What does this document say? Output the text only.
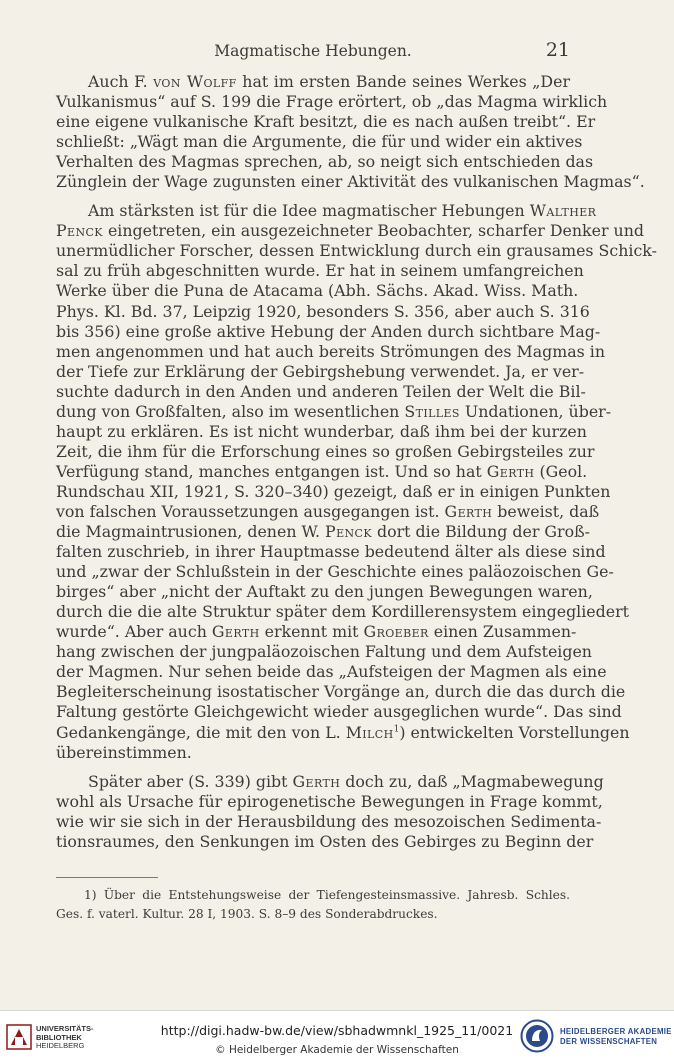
Magmatische Hebungen.	21
Auch F. von Wolff hat im ersten Bande seines Werkes „Der
Vulkanismus“ auf S. 199 die Frage erörtert, ob „das Magma wirklich
eine eigene vulkanische Kraft besitzt, die es nach außen treibt“. Er
schließt: „Wägt man die Argumente, die für und wider ein aktives
Verhalten des Magmas sprechen, ab, so neigt sich entschieden das
Zünglein der Wage zugunsten einer Aktivität des vulkanischen Magmas“.
Am stärksten ist für die Idee magmatischer Hebungen Walther
Penck eingetreten, ein ausgezeichneter Beobachter, scharfer Denker und
unermüdlicher Forscher, dessen Entwicklung durch ein grausames Schick-
sal zu früh abgeschnitten wurde. Er hat in seinem umfangreichen
Werke über die Puna de Atacama (Abh. Sächs. Akad. Wiss. Math.
Phys. Kl. Bd. 37, Leipzig 1920, besonders S. 356, aber auch S. 316
bis 356) eine große aktive Hebung der Anden durch sichtbare Mag-
men angenommen und hat auch bereits Strömungen des Magmas in
der Tiefe zur Erklärung der Gebirgshebung verwendet. Ja, er ver-
suchte dadurch in den Anden und anderen Teilen der Welt die Bil-
dung von Großfalten, also im wesentlichen Stilles Undationen, über-
haupt zu erklären. Es ist nicht wunderbar, daß ihm bei der kurzen
Zeit, die ihm für die Erforschung eines so großen Gebirgsteiles zur
Verfügung stand, manches entgangen ist. Und so hat Gerth (Geol.
Rundschau XII, 1921, S. 320–340) gezeigt, daß er in einigen Punkten
von falschen Voraussetzungen ausgegangen ist. Gerth beweist, daß
die Magmaintrusionen, denen W. Penck dort die Bildung der Groß-
falten zuschrieb, in ihrer Hauptmasse bedeutend älter als diese sind
und „zwar der Schlußstein in der Geschichte eines paläozoischen Ge-
birges“ aber „nicht der Auftakt zu den jungen Bewegungen waren,
durch die die alte Struktur später dem Kordillerensystem eingegliedert
wurde“. Aber auch Gerth erkennt mit Groeber einen Zusammen-
hang zwischen der jungpaläozoischen Faltung und dem Aufsteigen
der Magmen. Nur sehen beide das „Aufsteigen der Magmen als eine
Begleiterscheinung isostatischer Vorgänge an, durch die das durch die
Faltung gestörte Gleichgewicht wieder ausgeglichen wurde“. Das sind
Gedankengänge, die mit den von L. Milch$^1$) entwickelten Vorstellungen
übereinstimmen.
Später aber (S. 339) gibt Gerth doch zu, daß „Magmabewegung
wohl als Ursache für epirogenetische Bewegungen in Frage kommt,
wie wir sie sich in der Herausbildung des mesozoischen Sedimenta-
tionsraumes, den Senkungen im Osten des Gebirges zu Beginn der
1) Über die Entstehungsweise der Tiefengesteinsmassive. Jahresb. Schles.
Ges. f. vaterl. Kultur. 28 I, 1903. S. 8–9 des Sonderabdruckes.
UNIVERSITÄTS-
BIBLIOTHEK
HEIDELBERG
http://digi.hadw-bw.de/view/sbhadwmnkl_1925_11/0021
© Heidelberger Akademie der Wissenschaften
HEIDELBERGER AKADEMIE
DER WISSENSCHAFTEN
